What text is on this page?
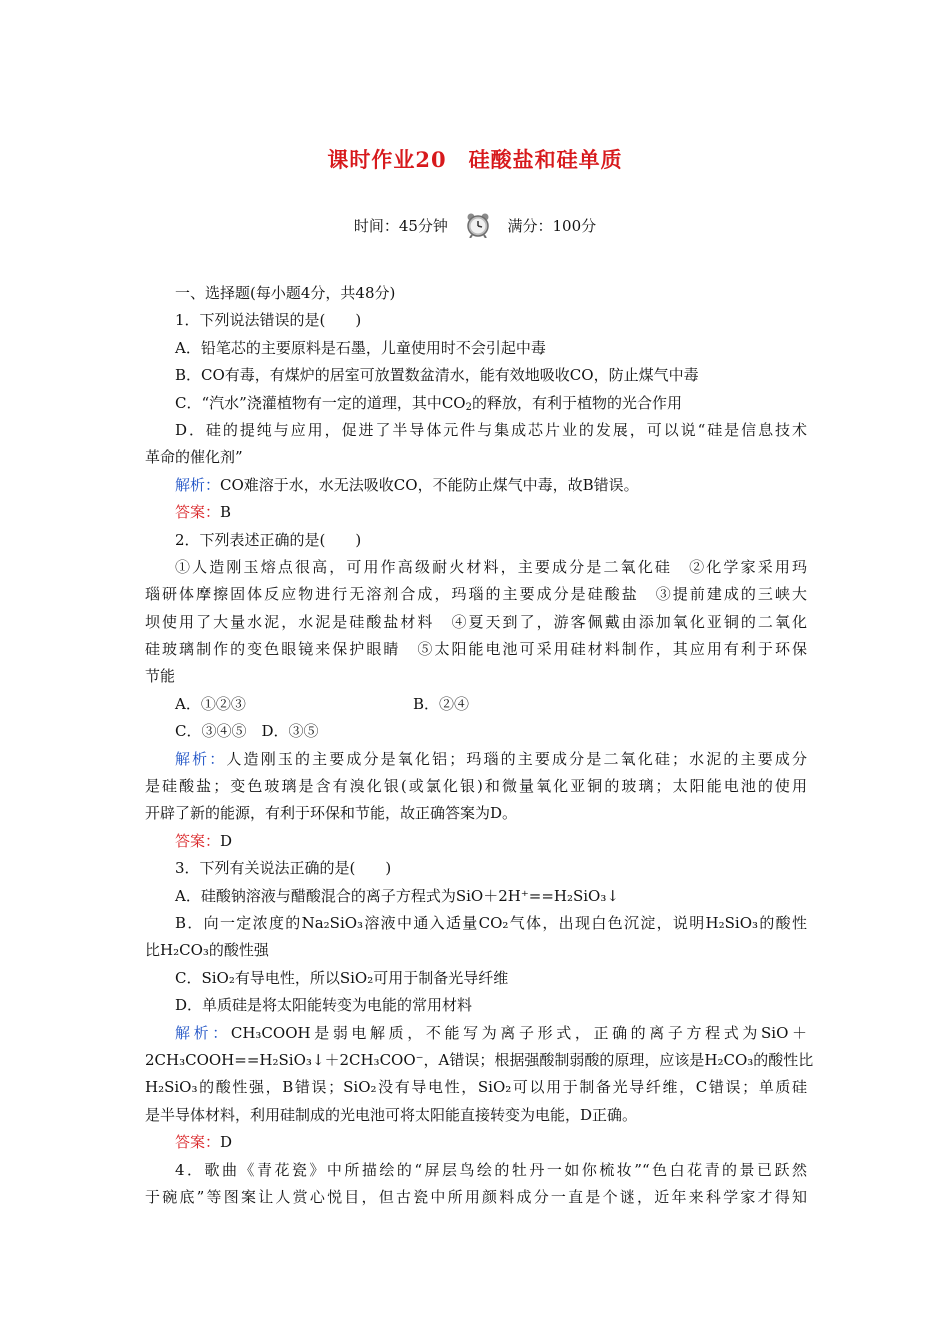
课时作业20　硅酸盐和硅单质
时间：45分钟	满分：100分
一、选择题(每小题4分，共48分)
1．下列说法错误的是(　　)
A．铅笔芯的主要原料是石墨，儿童使用时不会引起中毒
B．CO有毒，有煤炉的居室可放置数盆清水，能有效地吸收CO，防止煤气中毒
C．“汽水”浇灌植物有一定的道理，其中$CO_2$的释放，有利于植物的光合作用
D．硅的提纯与应用，促进了半导体元件与集成芯片业的发展，可以说“硅是信息技术
革命的催化剂”
解析：CO难溶于水，水无法吸收CO，不能防止煤气中毒，故B错误。
答案：B
2．下列表述正确的是(　　)
①人造刚玉熔点很高，可用作高级耐火材料，主要成分是二氧化硅　②化学家采用玛
瑙研体摩擦固体反应物进行无溶剂合成，玛瑙的主要成分是硅酸盐　③提前建成的三峡大
坝使用了大量水泥，水泥是硅酸盐材料　④夏天到了，游客佩戴由添加氧化亚铜的二氧化
硅玻璃制作的变色眼镜来保护眼睛　⑤太阳能电池可采用硅材料制作，其应用有利于环保
节能
A．①②③	B．②④
C．③④⑤　 D．③⑤
解析：人造刚玉的主要成分是氧化铝；玛瑙的主要成分是二氧化硅；水泥的主要成分
是硅酸盐；变色玻璃是含有溴化银(或氯化银)和微量氧化亚铜的玻璃；太阳能电池的使用
开辟了新的能源，有利于环保和节能，故正确答案为D。
答案：D
3．下列有关说法正确的是(　　)
A．硅酸钠溶液与醋酸混合的离子方程式为SiO＋2H⁺==H₂SiO₃↓
B．向一定浓度的Na₂SiO₃溶液中通入适量CO₂气体，出现白色沉淀，说明H₂SiO₃的酸性
比H₂CO₃的酸性强
C．SiO₂有导电性，所以SiO₂可用于制备光导纤维
D．单质硅是将太阳能转变为电能的常用材料
解析：CH₃COOH是弱电解质，不能写为离子形式，正确的离子方程式为SiO＋
2CH₃COOH==H₂SiO₃↓＋2CH₃COO⁻，A错误；根据强酸制弱酸的原理，应该是H₂CO₃的酸性比
H₂SiO₃的酸性强，B错误；SiO₂没有导电性，SiO₂可以用于制备光导纤维，C错误；单质硅
是半导体材料，利用硅制成的光电池可将太阳能直接转变为电能，D正确。
答案：D
4．歌曲《青花瓷》中所描绘的“屏层鸟绘的牡丹一如你梳妆”“色白花青的景已跃然
于碗底”等图案让人赏心悦目，但古瓷中所用颜料成分一直是个谜，近年来科学家才得知
